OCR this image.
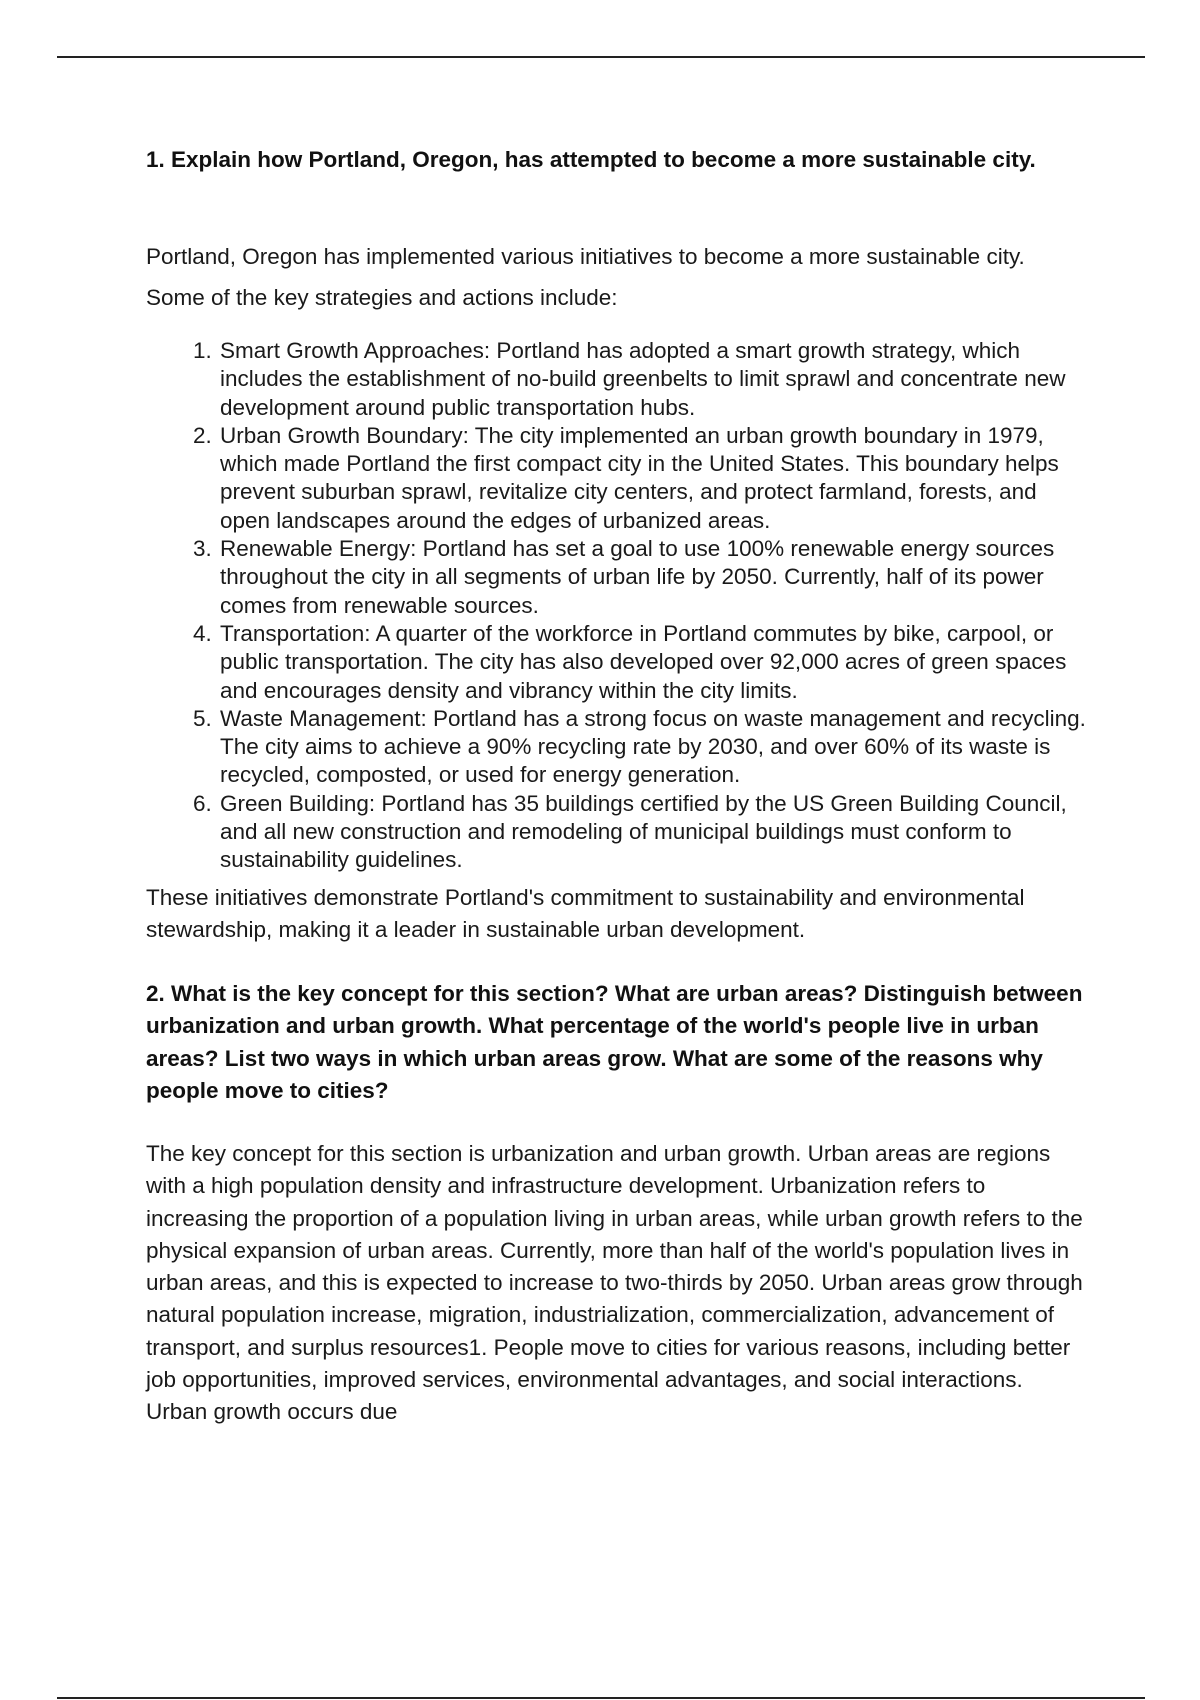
1. Explain how Portland, Oregon, has attempted to become a more sustainable city.

Portland, Oregon has implemented various initiatives to become a more sustainable city. Some of the key strategies and actions include:

1. Smart Growth Approaches: Portland has adopted a smart growth strategy, which includes the establishment of no-build greenbelts to limit sprawl and concentrate new development around public transportation hubs.
2. Urban Growth Boundary: The city implemented an urban growth boundary in 1979, which made Portland the first compact city in the United States. This boundary helps prevent suburban sprawl, revitalize city centers, and protect farmland, forests, and open landscapes around the edges of urbanized areas.
3. Renewable Energy: Portland has set a goal to use 100% renewable energy sources throughout the city in all segments of urban life by 2050. Currently, half of its power comes from renewable sources.
4. Transportation: A quarter of the workforce in Portland commutes by bike, carpool, or public transportation. The city has also developed over 92,000 acres of green spaces and encourages density and vibrancy within the city limits.
5. Waste Management: Portland has a strong focus on waste management and recycling. The city aims to achieve a 90% recycling rate by 2030, and over 60% of its waste is recycled, composted, or used for energy generation.
6. Green Building: Portland has 35 buildings certified by the US Green Building Council, and all new construction and remodeling of municipal buildings must conform to sustainability guidelines.

These initiatives demonstrate Portland's commitment to sustainability and environmental stewardship, making it a leader in sustainable urban development.

2. What is the key concept for this section? What are urban areas? Distinguish between urbanization and urban growth. What percentage of the world's people live in urban areas? List two ways in which urban areas grow. What are some of the reasons why people move to cities?

The key concept for this section is urbanization and urban growth. Urban areas are regions with a high population density and infrastructure development. Urbanization refers to increasing the proportion of a population living in urban areas, while urban growth refers to the physical expansion of urban areas. Currently, more than half of the world's population lives in urban areas, and this is expected to increase to two-thirds by 2050. Urban areas grow through natural population increase, migration, industrialization, commercialization, advancement of transport, and surplus resources1. People move to cities for various reasons, including better job opportunities, improved services, environmental advantages, and social interactions. Urban growth occurs due
